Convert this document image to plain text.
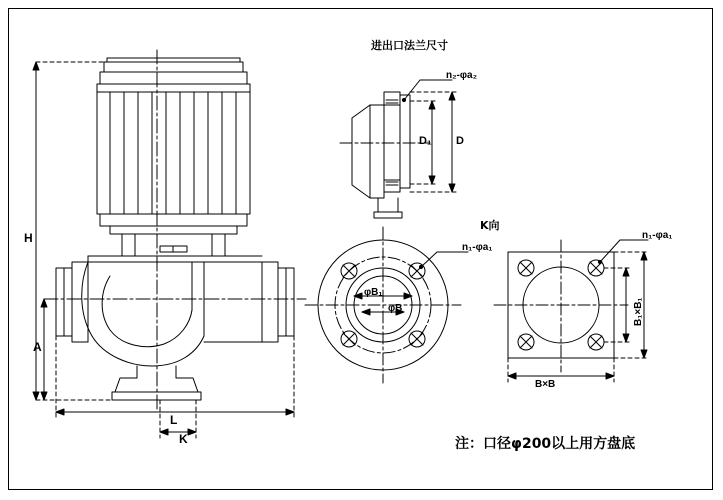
进出口法兰尺寸
K向
注：口径φ200以上用方盘底
H
A
L
K
D
D₁
n₂-φa₂
n₁-φa₁
φB₁
φB
n₁-φa₁
B₁×B₁
B×B
